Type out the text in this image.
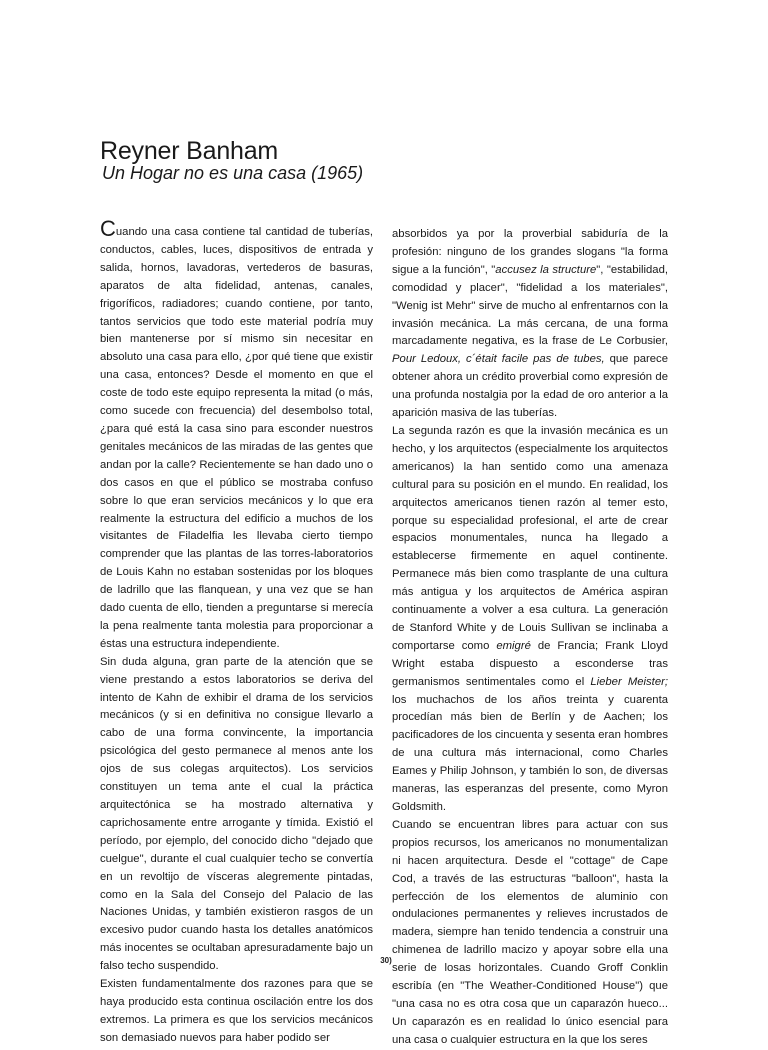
Reyner Banham
Un Hogar no es una casa (1965)

Cuando una casa contiene tal cantidad de tuberías, conductos, cables, luces, dispositivos de entrada y salida, hornos, lavadoras, vertederos de basuras, aparatos de alta fidelidad, antenas, canales, frigoríficos, radiadores; cuando contiene, por tanto, tantos servicios que todo este material podría muy bien mantenerse por sí mismo sin necesitar en absoluto una casa para ello, ¿por qué tiene que existir una casa, entonces? Desde el momento en que el coste de todo este equipo representa la mitad (o más, como sucede con frecuencia) del desembolso total, ¿para qué está la casa sino para esconder nuestros genitales mecánicos de las miradas de las gentes que andan por la calle? Recientemente se han dado uno o dos casos en que el público se mostraba confuso sobre lo que eran servicios mecánicos y lo que era realmente la estructura del edificio a muchos de los visitantes de Filadelfia les llevaba cierto tiempo comprender que las plantas de las torres-laboratorios de Louis Kahn no estaban sostenidas por los bloques de ladrillo que las flanquean, y una vez que se han dado cuenta de ello, tienden a preguntarse si merecía la pena realmente tanta molestia para proporcionar a éstas una estructura independiente.

Sin duda alguna, gran parte de la atención que se viene prestando a estos laboratorios se deriva del intento de Kahn de exhibir el drama de los servicios mecánicos (y si en definitiva no consigue llevarlo a cabo de una forma convincente, la importancia psicológica del gesto permanece al menos ante los ojos de sus colegas arquitectos). Los servicios constituyen un tema ante el cual la práctica arquitectónica se ha mostrado alternativa y caprichosamente entre arrogante y tímida. Existió el período, por ejemplo, del conocido dicho "dejado que cuelgue", durante el cual cualquier techo se convertía en un revoltijo de vísceras alegremente pintadas, como en la Sala del Consejo del Palacio de las Naciones Unidas, y también existieron rasgos de un excesivo pudor cuando hasta los detalles anatómicos más inocentes se ocultaban apresuradamente bajo un falso techo suspendido.

Existen fundamentalmente dos razones para que se haya producido esta continua oscilación entre los dos extremos. La primera es que los servicios mecánicos son demasiado nuevos para haber podido ser

absorbidos ya por la proverbial sabiduría de la profesión: ninguno de los grandes slogans "la forma sigue a la función", "accusez la structure", "estabilidad, comodidad y placer", "fidelidad a los materiales", "Wenig ist Mehr" sirve de mucho al enfrentarnos con la invasión mecánica. La más cercana, de una forma marcadamente negativa, es la frase de Le Corbusier, Pour Ledoux, c´était facile pas de tubes, que parece obtener ahora un crédito proverbial como expresión de una profunda nostalgia por la edad de oro anterior a la aparición masiva de las tuberías.

La segunda razón es que la invasión mecánica es un hecho, y los arquitectos (especialmente los arquitectos americanos) la han sentido como una amenaza cultural para su posición en el mundo. En realidad, los arquitectos americanos tienen razón al temer esto, porque su especialidad profesional, el arte de crear espacios monumentales, nunca ha llegado a establecerse firmemente en aquel continente. Permanece más bien como trasplante de una cultura más antigua y los arquitectos de América aspiran continuamente a volver a esa cultura. La generación de Stanford White y de Louis Sullivan se inclinaba a comportarse como emigré de Francia; Frank Lloyd Wright estaba dispuesto a esconderse tras germanismos sentimentales como el Lieber Meister; los muchachos de los años treinta y cuarenta procedían más bien de Berlín y de Aachen; los pacificadores de los cincuenta y sesenta eran hombres de una cultura más internacional, como Charles Eames y Philip Johnson, y también lo son, de diversas maneras, las esperanzas del presente, como Myron Goldsmith.

Cuando se encuentran libres para actuar con sus propios recursos, los americanos no monumentalizan ni hacen arquitectura. Desde el "cottage" de Cape Cod, a través de las estructuras "balloon", hasta la perfección de los elementos de aluminio con ondulaciones permanentes y relieves incrustados de madera, siempre han tenido tendencia a construir una chimenea de ladrillo macizo y apoyar sobre ella una serie de losas horizontales. Cuando Groff Conklin escribía (en "The Weather-Conditioned House") que "una casa no es otra cosa que un caparazón hueco... Un caparazón es en realidad lo único esencial para una casa o cualquier estructura en la que los seres

30)
